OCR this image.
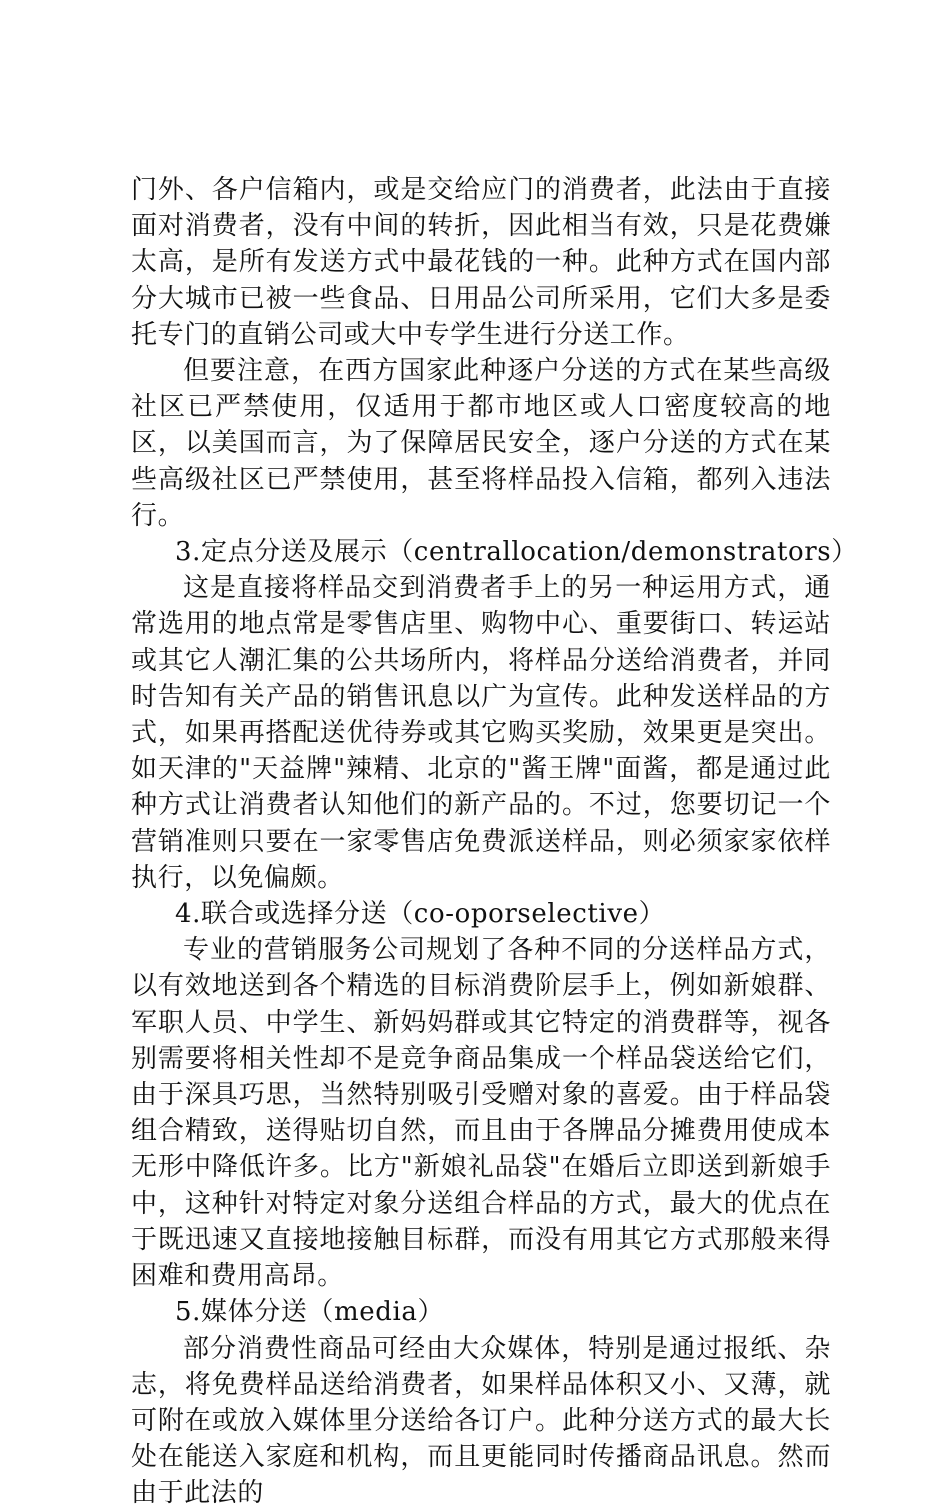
门外、各户信箱内，或是交给应门的消费者，此法由于直接面对消费者，没有中间的转折，因此相当有效，只是花费嫌太高，是所有发送方式中最花钱的一种。此种方式在国内部分大城市已被一些食品、日用品公司所采用，它们大多是委托专门的直销公司或大中专学生进行分送工作。

但要注意，在西方国家此种逐户分送的方式在某些高级社区已严禁使用，仅适用于都市地区或人口密度较高的地区，以美国而言，为了保障居民安全，逐户分送的方式在某些高级社区已严禁使用，甚至将样品投入信箱，都列入违法行。

3.定点分送及展示（centrallocation/demonstrators）

这是直接将样品交到消费者手上的另一种运用方式，通常选用的地点常是零售店里、购物中心、重要街口、转运站或其它人潮汇集的公共场所内，将样品分送给消费者，并同时告知有关产品的销售讯息以广为宣传。此种发送样品的方式，如果再搭配送优待券或其它购买奖励，效果更是突出。如天津的"天益牌"辣精、北京的"酱王牌"面酱，都是通过此种方式让消费者认知他们的新产品的。不过，您要切记一个营销准则只要在一家零售店免费派送样品，则必须家家依样执行，以免偏颇。

4.联合或选择分送（co-oporselective）

专业的营销服务公司规划了各种不同的分送样品方式，以有效地送到各个精选的目标消费阶层手上，例如新娘群、军职人员、中学生、新妈妈群或其它特定的消费群等，视各别需要将相关性却不是竞争商品集成一个样品袋送给它们，由于深具巧思，当然特别吸引受赠对象的喜爱。由于样品袋组合精致，送得贴切自然，而且由于各牌品分摊费用使成本无形中降低许多。比方"新娘礼品袋"在婚后立即送到新娘手中，这种针对特定对象分送组合样品的方式，最大的优点在于既迅速又直接地接触目标群，而没有用其它方式那般来得困难和费用高昂。

5.媒体分送（media）

部分消费性商品可经由大众媒体，特别是通过报纸、杂志，将免费样品送给消费者，如果样品体积又小、又薄，就可附在或放入媒体里分送给各订户。此种分送方式的最大长处在能送入家庭和机构，而且更能同时传播商品讯息。然而由于此法的
